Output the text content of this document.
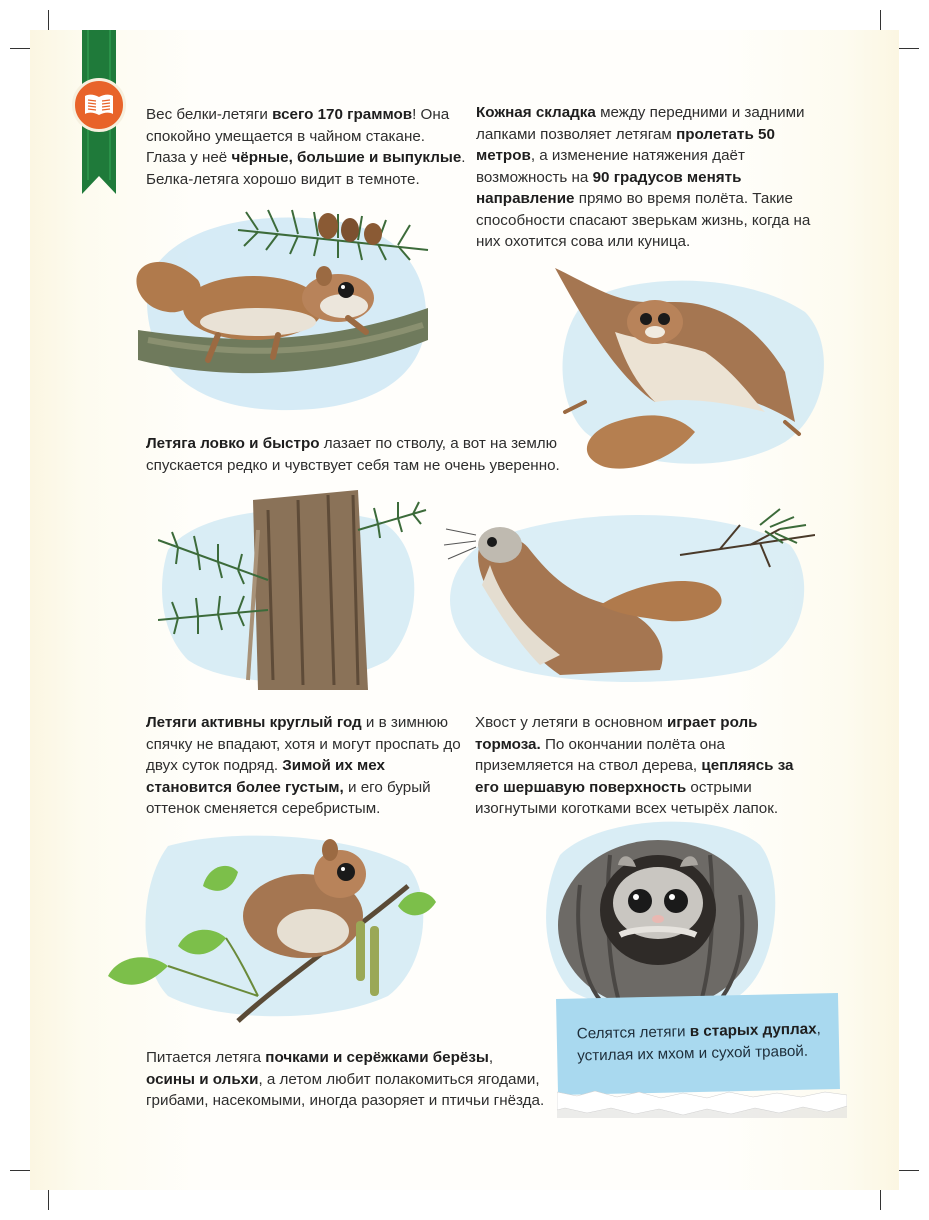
Вес белки-летяги всего 170 граммов! Она спокойно умещается в чайном стакане. Глаза у неё чёрные, большие и выпуклые. Белка-летяга хорошо видит в темноте.

Кожная складка между передними и задними лапками позволяет летягам пролетать 50 метров, а изменение натяжения даёт возможность на 90 градусов менять направление прямо во время полёта. Такие способности спасают зверькам жизнь, когда на них охотится сова или куница.

Летяга ловко и быстро лазает по стволу, а вот на землю спускается редко и чувствует себя там не очень уверенно.

Летяги активны круглый год и в зимнюю спячку не впадают, хотя и могут проспать до двух суток подряд. Зимой их мех становится более густым, и его бурый оттенок сменяется серебристым.

Хвост у летяги в основном играет роль тормоза. По окончании полёта она приземляется на ствол дерева, цепляясь за его шершавую поверхность острыми изогнутыми коготками всех четырёх лапок.

Питается летяга почками и серёжками берёзы, осины и ольхи, а летом любит полакомиться ягодами, грибами, насекомыми, иногда разоряет и птичьи гнёзда.

Селятся летяги в старых дуплах, устилая их мхом и сухой травой.
